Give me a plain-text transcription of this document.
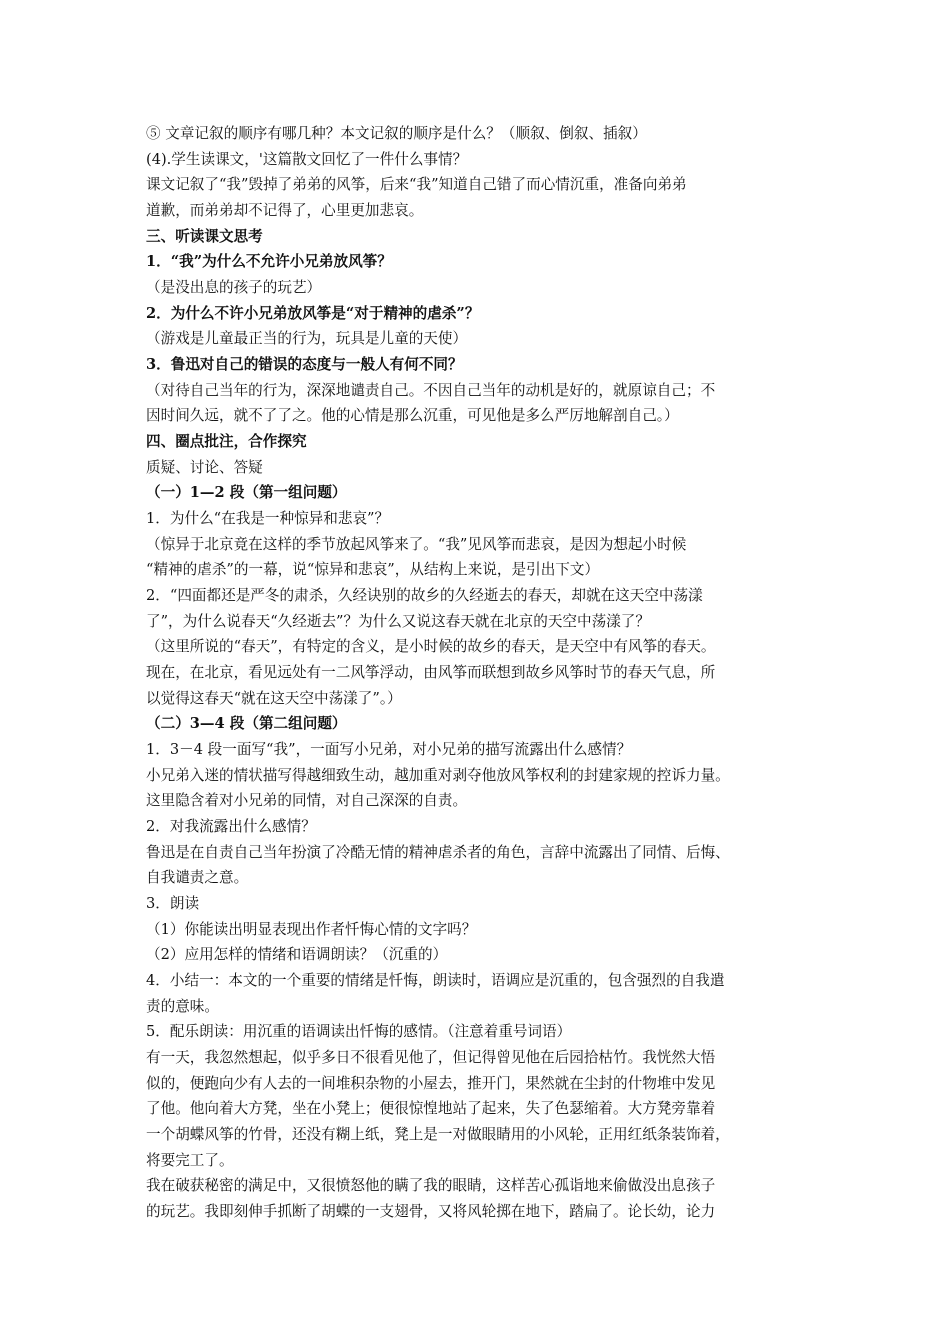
⑤ 文章记叙的顺序有哪几种？本文记叙的顺序是什么？（顺叙、倒叙、插叙）
(4).学生读课文，'这篇散文回忆了一件什么事情？
课文记叙了“我”毁掉了弟弟的风筝，后来“我”知道自己错了而心情沉重，准备向弟弟
道歉，而弟弟却不记得了，心里更加悲哀。
三、听读课文思考
1．“我”为什么不允许小兄弟放风筝？
（是没出息的孩子的玩艺）
2．为什么不许小兄弟放风筝是“对于精神的虐杀”？
（游戏是儿童最正当的行为，玩具是儿童的天使）
3．鲁迅对自己的错误的态度与一般人有何不同？
（对待自己当年的行为，深深地谴责自己。不因自己当年的动机是好的，就原谅自己；不
因时间久远，就不了了之。他的心情是那么沉重，可见他是多么严厉地解剖自己。）
四、圈点批注，合作探究
质疑、讨论、答疑
（一）1—2 段（第一组问题）
1．为什么“在我是一种惊异和悲哀”？
（惊异于北京竟在这样的季节放起风筝来了。“我”见风筝而悲哀，是因为想起小时候
“精神的虐杀”的一幕，说“惊异和悲哀”，从结构上来说，是引出下文）
2．“四面都还是严冬的肃杀，久经诀别的故乡的久经逝去的春天，却就在这天空中荡漾
了”，为什么说春天“久经逝去”？为什么又说这春天就在北京的天空中荡漾了？
（这里所说的“春天”，有特定的含义，是小时候的故乡的春天，是天空中有风筝的春天。
现在，在北京，看见远处有一二风筝浮动，由风筝而联想到故乡风筝时节的春天气息，所
以觉得这春天“就在这天空中荡漾了”。）
（二）3—4 段（第二组问题）
1．3－4 段一面写“我”，一面写小兄弟，对小兄弟的描写流露出什么感情？
小兄弟入迷的情状描写得越细致生动，越加重对剥夺他放风筝权利的封建家规的控诉力量。
这里隐含着对小兄弟的同情，对自己深深的自责。
2．对我流露出什么感情？
鲁迅是在自责自己当年扮演了冷酷无情的精神虐杀者的角色，言辞中流露出了同情、后悔、
自我谴责之意。
3．朗读
（1）你能读出明显表现出作者忏悔心情的文字吗？
（2）应用怎样的情绪和语调朗读？（沉重的）
4．小结一：本文的一个重要的情绪是忏悔，朗读时，语调应是沉重的，包含强烈的自我遣
责的意味。
5．配乐朗读：用沉重的语调读出忏悔的感情。（注意着重号词语）
有一天，我忽然想起，似乎多日不很看见他了，但记得曾见他在后园拾枯竹。我恍然大悟
似的，便跑向少有人去的一间堆积杂物的小屋去，推开门，果然就在尘封的什物堆中发见
了他。他向着大方凳，坐在小凳上；便很惊惶地站了起来，失了色瑟缩着。大方凳旁靠着
一个胡蝶风筝的竹骨，还没有糊上纸，凳上是一对做眼睛用的小风轮，正用红纸条装饰着，
将要完工了。
我在破获秘密的满足中，又很愤怒他的瞒了我的眼睛，这样苦心孤诣地来偷做没出息孩子
的玩艺。我即刻伸手抓断了胡蝶的一支翅骨，又将风轮掷在地下，踏扁了。论长幼，论力
